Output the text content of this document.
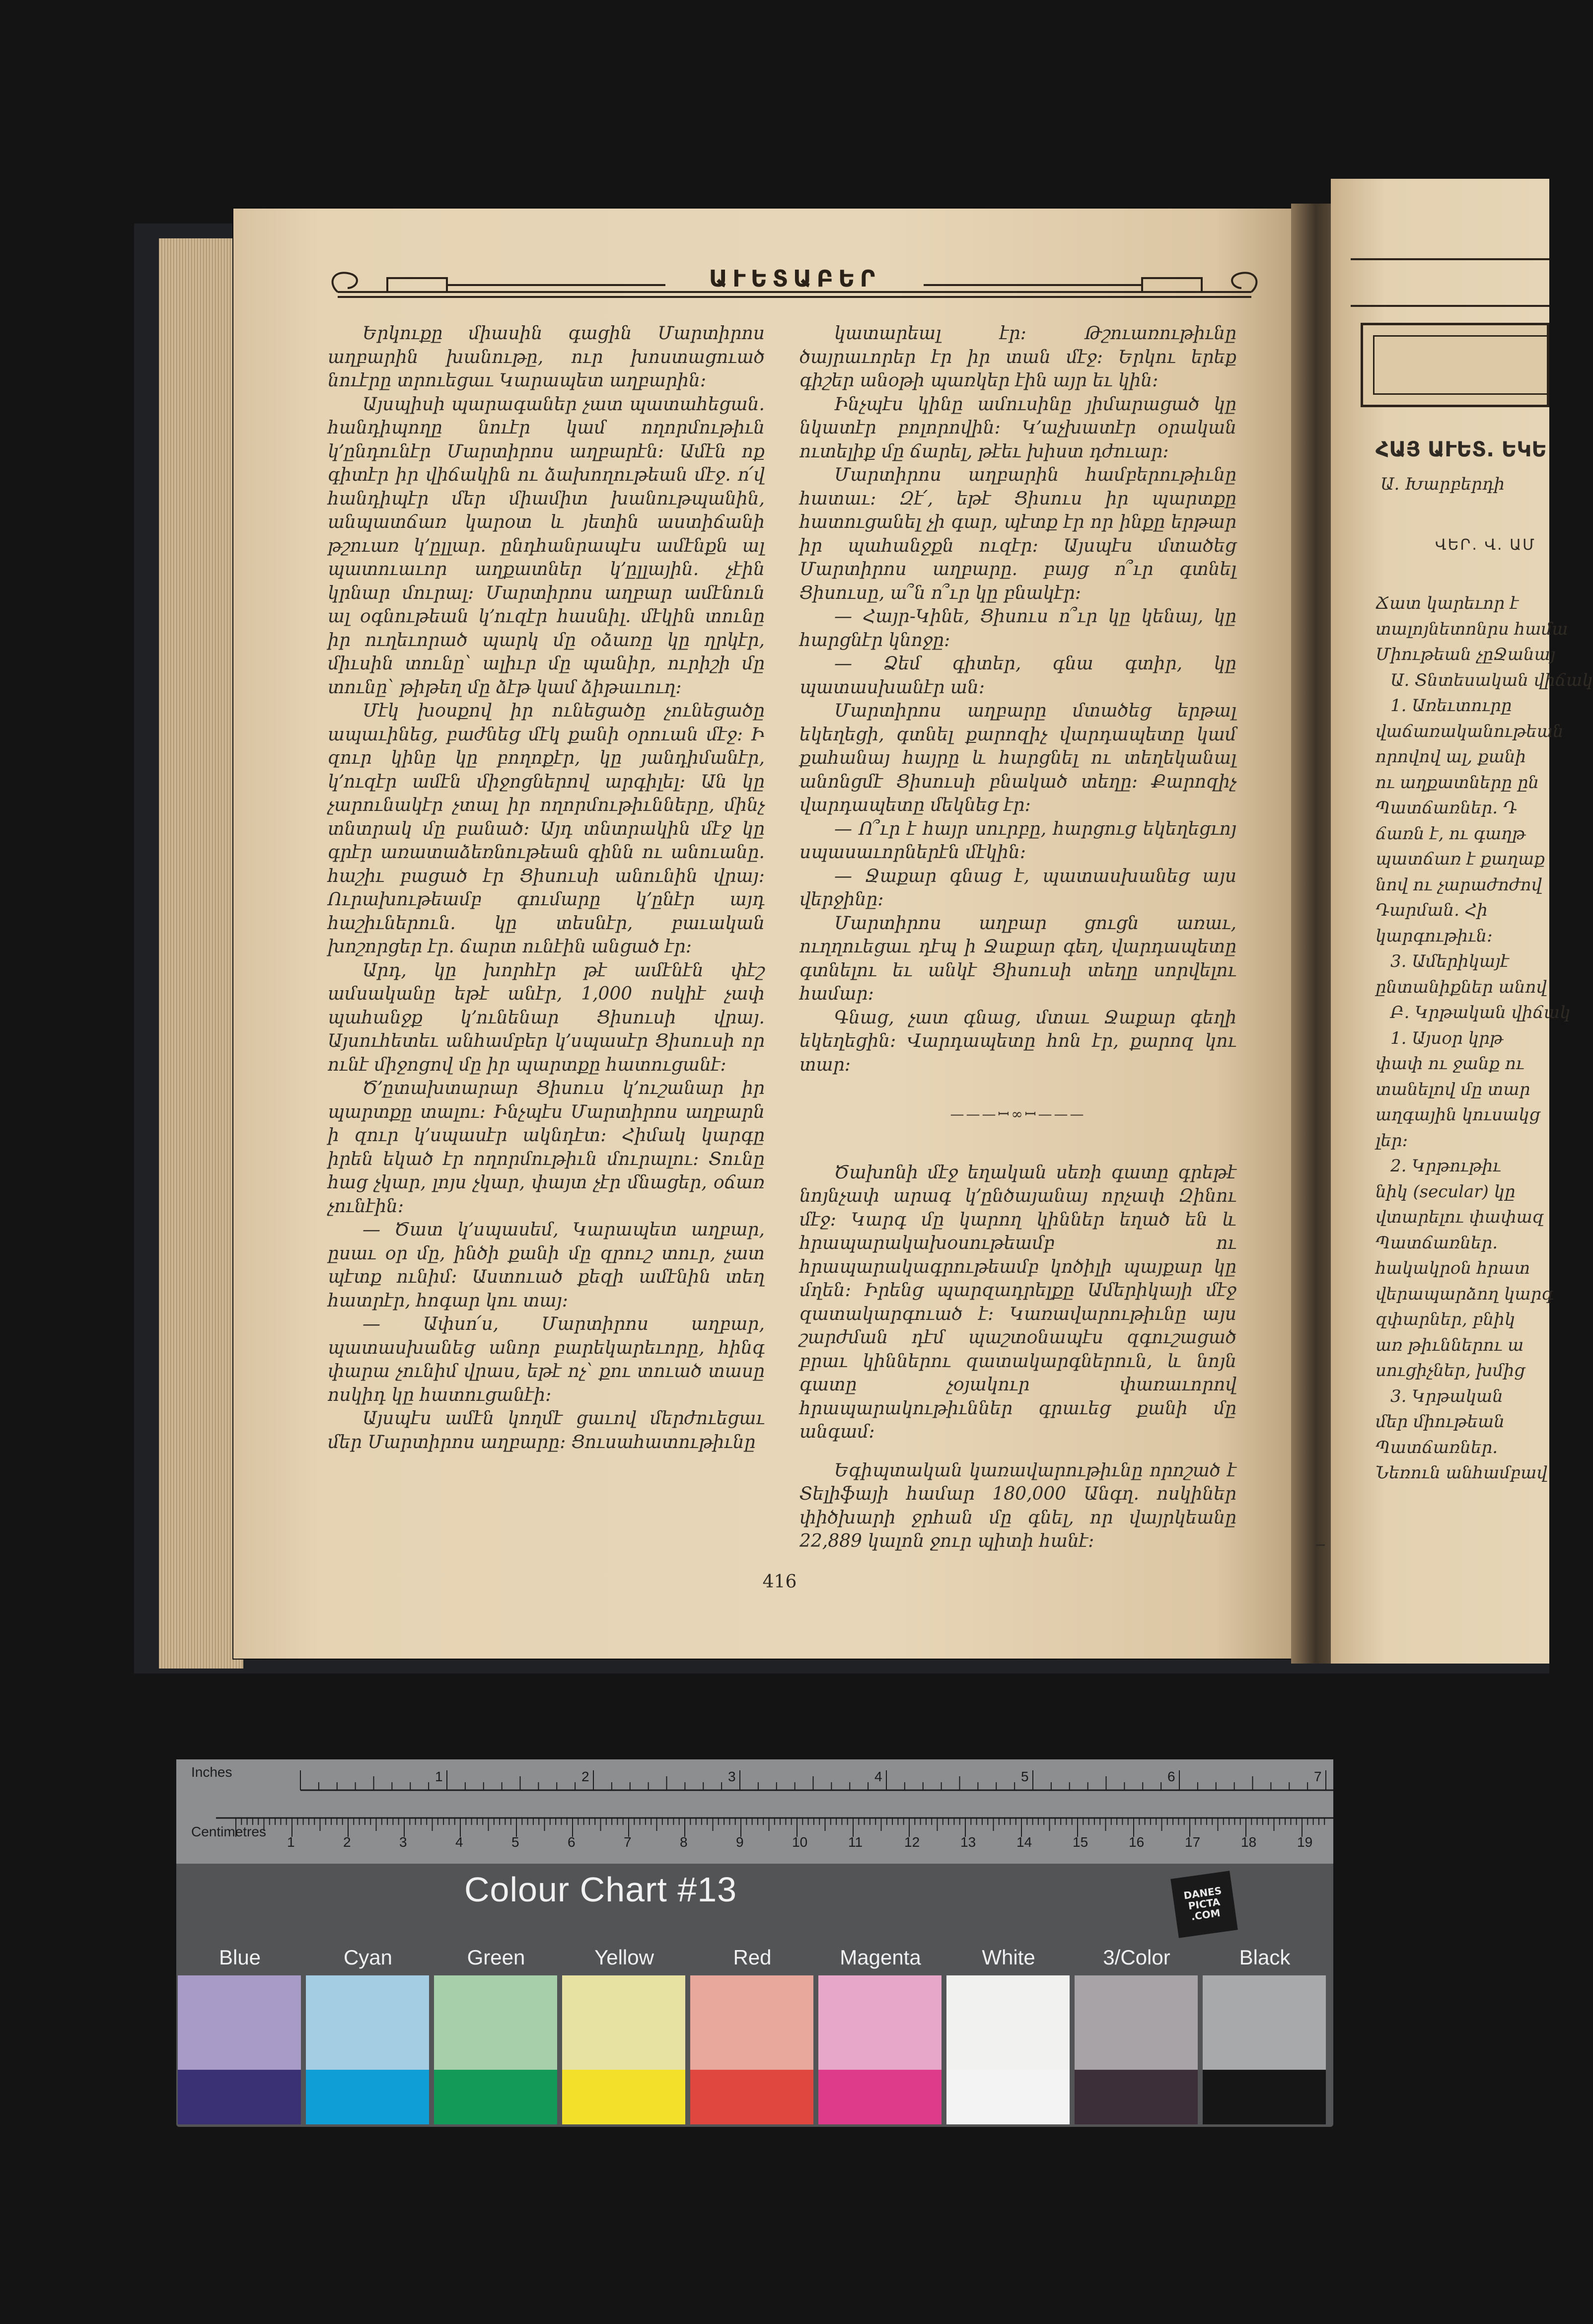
ԱՒԵՏԱԲԵՐ

Երկուքը միասին գացին Մարտիրոս աղբարին խանութը, ուր խոստացուած նուէրը տրուեցաւ Կարապետ աղբարին։

Այսպիսի պարագաներ չատ պատահեցան. հանդիպողը նուէր կամ ողորմութիւն կ՚ընդունէր Մարտիրոս աղբարէն։ Ամէն ոք գիտէր իր վիճակին ու ձախողութեան մէջ. ո՛վ հանդիպէր մեր միամիտ խանութպանին, անպատճառ կարօտ և յետին աստիճանի թշուառ կ՚ըլլար. ընդհանրապէս ամէնքն ալ պատուաւոր աղքատներ կ՚ըլլային. չէին կրնար մուրալ։ Մարտիրոս աղբար ամէնուն ալ օգնութեան կ՚ուզէր հասնիլ. մէկին տունը իր ուղեւորած պարկ մը օձառը կը ղրկէր, միւսին տունը՝ ալիւր մը պանիր, ուրիշի մը տունը՝ թիթեղ մը ձէթ կամ ձիթաւուղ։

Մէկ խօսքով իր ունեցածը չունեցածը ապաւինեց, բաժնեց մէկ քանի օրուան մէջ։ Ի զուր կինը կը բողոքէր, կը յանդիմանէր, կ՚ուզէր ամէն միջոցներով արգիլել։ Ան կը չարունակէր չտալ իր ողորմութիւնները, մինչ տնտրակ մը բանած։ Այդ տնտրակին մէջ կը գրէր առատաձեռնութեան գինն ու անուանը. հաշիւ բացած էր Ցիսուսի անունին վրայ։ Ուրախութեամբ գումարը կ՚ընէր այդ հաշիւներուն. կը տեսնէր, բաւական խոշորցեր էր. ճարտ ունէին անցած էր։

Արդ, կը խորհէր թէ ամէնէն փէշ ամսականը եթէ անէր, 1,000 ոսկիէ չափ պահանջք կ՚ունենար Ցիսուսի վրայ. Այսուհետեւ անհամբեր կ՚սպասէր Ցիսուսի որ ունէ միջոցով մը իր պարտքը հատուցանէ։

Ծ՚ըտախտարար Ցիսուս կ՚ուշանար իր պարտքը տալու։ Ինչպէս Մարտիրոս աղբարն ի զուր կ՚սպասէր ակնդէտ։ Հիմակ կարգը իրեն եկած էր ողորմութիւն մուրալու։ Տունը հաց չկար, լոյս չկար, փայտ չէր մնացեր, օճառ չունէին։

— Ծատ կ՚սպասեմ, Կարապետ աղբար, ըսաւ օր մը, ինծի քանի մը զրուշ տուր, չատ պէտք ունիմ։ Աստուած քեզի ամէնին տեղ հատրէր, հոգար կու տայ։

— Ափսո՛ս, Մարտիրոս աղբար, պատասխանեց անոր բարեկարեւորը, հինգ փարա չունիմ վրաս, եթէ ոչ՝ քու տուած տասը ոսկիդ կը հատուցանէի։

Այսպէս ամէն կողմէ ցաւով մերժուեցաւ մեր Մարտիրոս աղբարը։ Ցուսահատութիւնը

կատարեալ էր։ Թշուառութիւնը ծայրաւորեր էր իր տան մէջ։ Երկու երեք գիշեր անօթի պառկեր էին այր եւ կին։

Ինչպէս կինը ամուսինը յիմարացած կը նկատէր բոլորովին։ Կ՚աչխատէր օրական ուտելիք մը ճարել, թէեւ խիստ դժուար։

Մարտիրոս աղբարին համբերութիւնը հատաւ։ Զէ՛, եթէ Ցիսուս իր պարտքը հատուցանել չի գար, պէտք էր որ ինքը երթար իր պահանջքն ուզէր։ Այսպէս մտածեց Մարտիրոս աղբարը. բայց ո՞ւր գտնել Ցիսուսը, ա՞ն ո՞ւր կը բնակէր։

— Հայր-Կինե, Ցիսուս ո՞ւր կը կենայ, կը հարցնէր կնոջը։

— Ձեմ գիտեր, գնա գտիր, կը պատասխանէր ան։

Մարտիրոս աղբարը մտածեց երթալ եկեղեցի, գտնել քարոզիչ վարդապետը կամ քահանայ հայրը և հարցնել ու տեղեկանալ անոնցմէ Ցիսուսի բնակած տեղը։ Քարոզիչ վարդապետը մեկնեց էր։

— Ո՞ւր է հայր սուրբը, հարցուց եկեղեցւոյ սպասաւորներէն մէկին։

— Ջաքար գնաց է, պատասխանեց այս վերջինը։

Մարտիրոս աղբար ցուցն առաւ, ուղղուեցաւ դէպ ի Ջաքար գեղ, վարդապետը գտնելու եւ անկէ Ցիսուսի տեղը սորվելու համար։

Գնաց, չատ գնաց, մտաւ Ջաքար գեղի եկեղեցին։ Վարդապետը հոն էր, քարոզ կու տար։

———ꟷ∞ꟷ———

Ծախոնի մէջ եղական սեռի գատը գրեթէ նոյնչափ արագ կ՚ընծայանայ որչափ Զինու մէջ։ Կարգ մը կարող կիններ եղած են և հրապարակախօսութեամբ ու հրապարակագրութեամբ կոծիլի պայքար կը մղեն։ Իրենց պարզադրելքը Ամերիկայի մէջ զատակարգուած է։ Կառավարութիւնը այս շարժման դէմ պաշտօնապէս զգուշացած բրաւ կիններու զատակարգներուն, և նոյն գատը չօյակուր փառաւորով հրապարակութիւններ գրաւեց քանի մը անգամ։

Եգիպտական կառավարութիւնը որոշած է Տելիֆայի համար 180,000 Անգղ. ոսկիներ փիծխարի ջրհան մը գնել, որ վայրկեանը 22,889 կալոն ջուր պիտի հանէ։

416
ՀԱՅ ԱՒԵՏ. ԵԿԵ
Ա. Խարբերդի
ՎԵՐ. Վ. ԱՄ
Ճատ կարեւոր է
տալոյնետոնրս համա
Միութեան չըՋանայ
Ա. Տնտեսական վիճակ
1. Առեւտուրը
վաճառականութեան
որովով ալ, քանի
ու աղքատները ըն
Պատճառներ. Դ
ճառն է, ու գաղթ
պատճառ է քաղաք
նով ու չարաժոժով
Դարման. Հի
կարգութիւն։
3. Ամերիկայէ
ընտանիքներ անով
Բ. Կրթական վիճակ
1. Այսօր կրթ
փափ ու ջանք ու
տանելով մը տար
աղգային կուսակց
լեր։
2. Կրթութիւ
նիկ (secular) կը
վտարելու փափազ
Պատճառներ.
հակակրօն հրատ
վերապարձող կարգ
զփարներ, բնիկ
առ թիւններու ա
սուցիչներ, խմից
3. Կրթական
մեր միութեան
Պատճառներ.
Նեռուն անհամբավ
1	2	3	4	5	6	7
1	2	3	4	5	6	7	8	9	10	11	12	13	14	15	16	17	18	19
Inches
Centimetres
Colour Chart #13	DANES PICTA .COM
Blue	Cyan	Green	Yellow	Red	Magenta	White	3/Color	Black
